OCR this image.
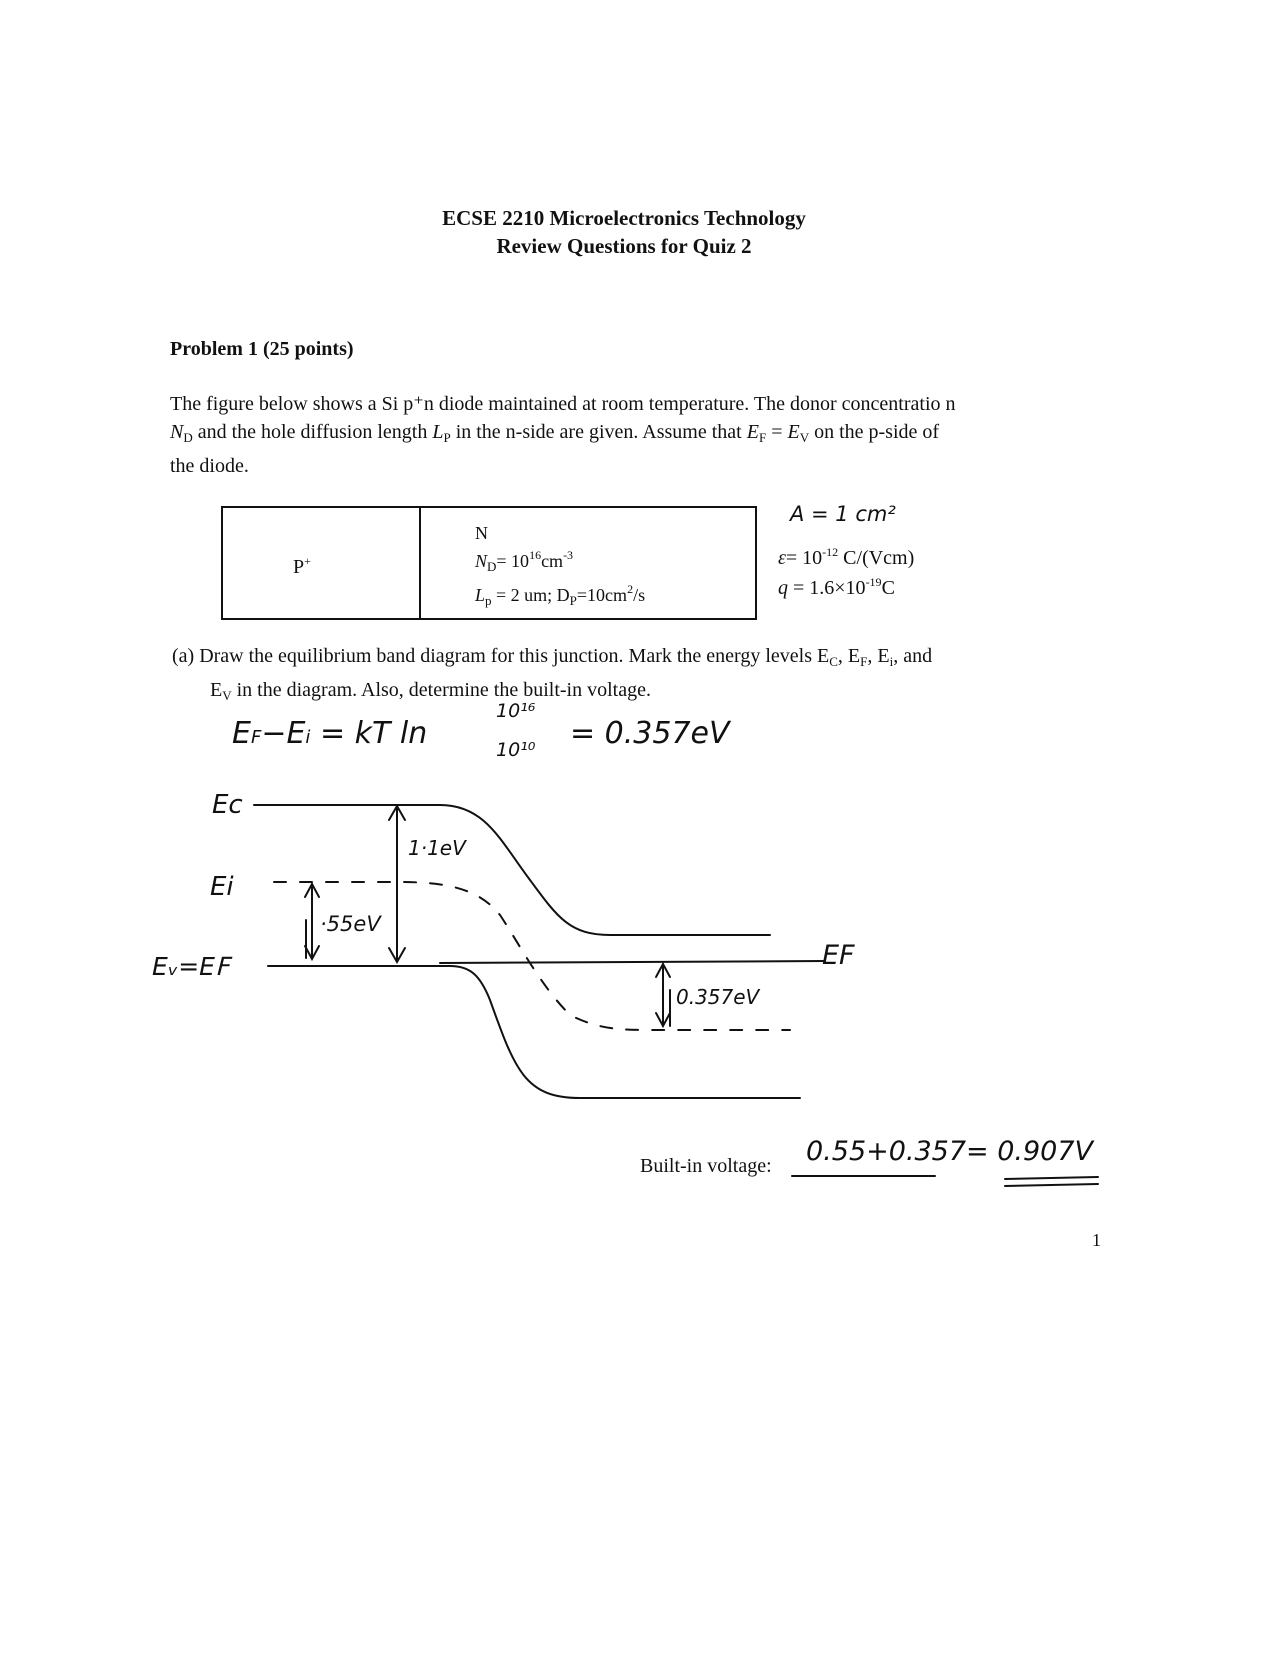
ECSE 2210 Microelectronics Technology
Review Questions for Quiz 2
Problem 1 (25 points)

The figure below shows a Si p⁺n diode maintained at room temperature. The donor concentratio n

$N_D$ and the hole diffusion length $L_P$ in the n-side are given. Assume that $E_F = E_V$ on the p-side of

the diode.

P+
N
$N_D= 10^{16}cm^{-3}$
$L_p = 2$ um; $D_P=10cm^2/s$
A = 1 cm²
$\varepsilon= 10^{-12}$ C/(Vcm)
$q = 1.6\times 10^{-19}C$
(a) Draw the equilibrium band diagram for this junction. Mark the energy levels $E_C$, $E_F$, $E_i$, and
$E_V$ in the diagram. Also, determine the built-in voltage.
EF−Ei = kT ln
10¹⁶
10¹⁰ = 0.357eV
Ec
Ei
Eᵥ=E𝖥	EF
1·1eV
·55eV
0.357eV
Built-in voltage: 0.55+0.357= 0.907V
1
